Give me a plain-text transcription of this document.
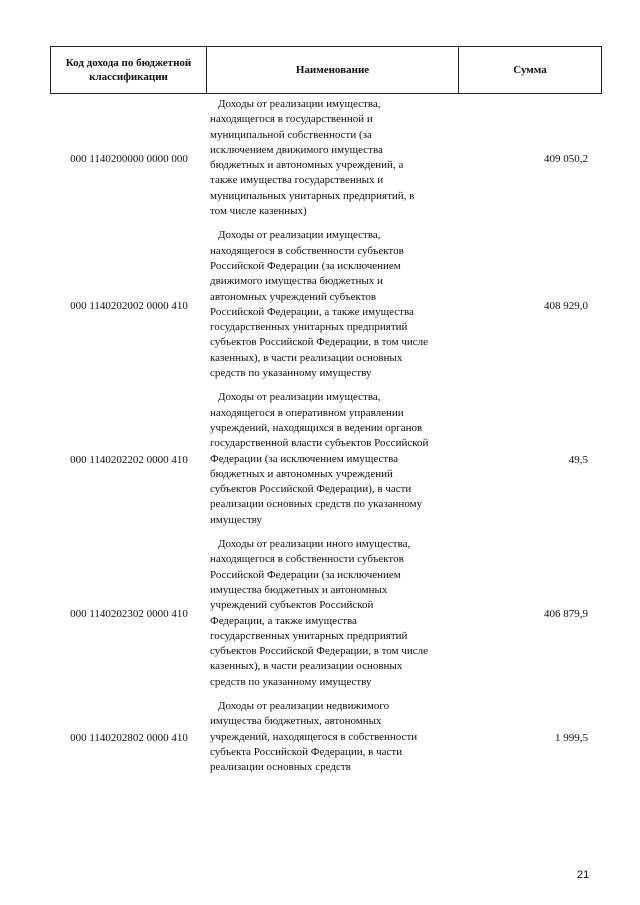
Код дохода по бюджетной классификации
Наименование	Сумма
000 1140200000 0000 000
Доходы от реализации имущества,
находящегося в государственной и
муниципальной собственности (за
исключением движимого имущества
бюджетных и автономных учреждений, а
также имущества государственных и
муниципальных унитарных предприятий, в
том числе казенных)
409 050,2
000 1140202002 0000 410
Доходы от реализации имущества,
находящегося в собственности субъектов
Российской Федерации (за исключением
движимого имущества бюджетных и
автономных учреждений субъектов
Российской Федерации, а также имущества
государственных унитарных предприятий
субъектов Российской Федерации, в том числе
казенных), в части реализации основных
средств по указанному имуществу
408 929,0
000 1140202202 0000 410
Доходы от реализации имущества,
находящегося в оперативном управлении
учреждений, находящихся в ведении органов
государственной власти субъектов Российской
Федерации (за исключением имущества
бюджетных и автономных учреждений
субъектов Российской Федерации), в части
реализации основных средств по указанному
имуществу
49,5
000 1140202302 0000 410
Доходы от реализации иного имущества,
находящегося в собственности субъектов
Российской Федерации (за исключением
имущества бюджетных и автономных
учреждений субъектов Российской
Федерации, а также имущества
государственных унитарных предприятий
субъектов Российской Федерации, в том числе
казенных), в части реализации основных
средств по указанному имуществу
406 879,9
000 1140202802 0000 410
Доходы от реализации недвижимого
имущества бюджетных, автономных
учреждений, находящегося в собственности
субъекта Российской Федерации, в части
реализации основных средств
1 999,5
21
